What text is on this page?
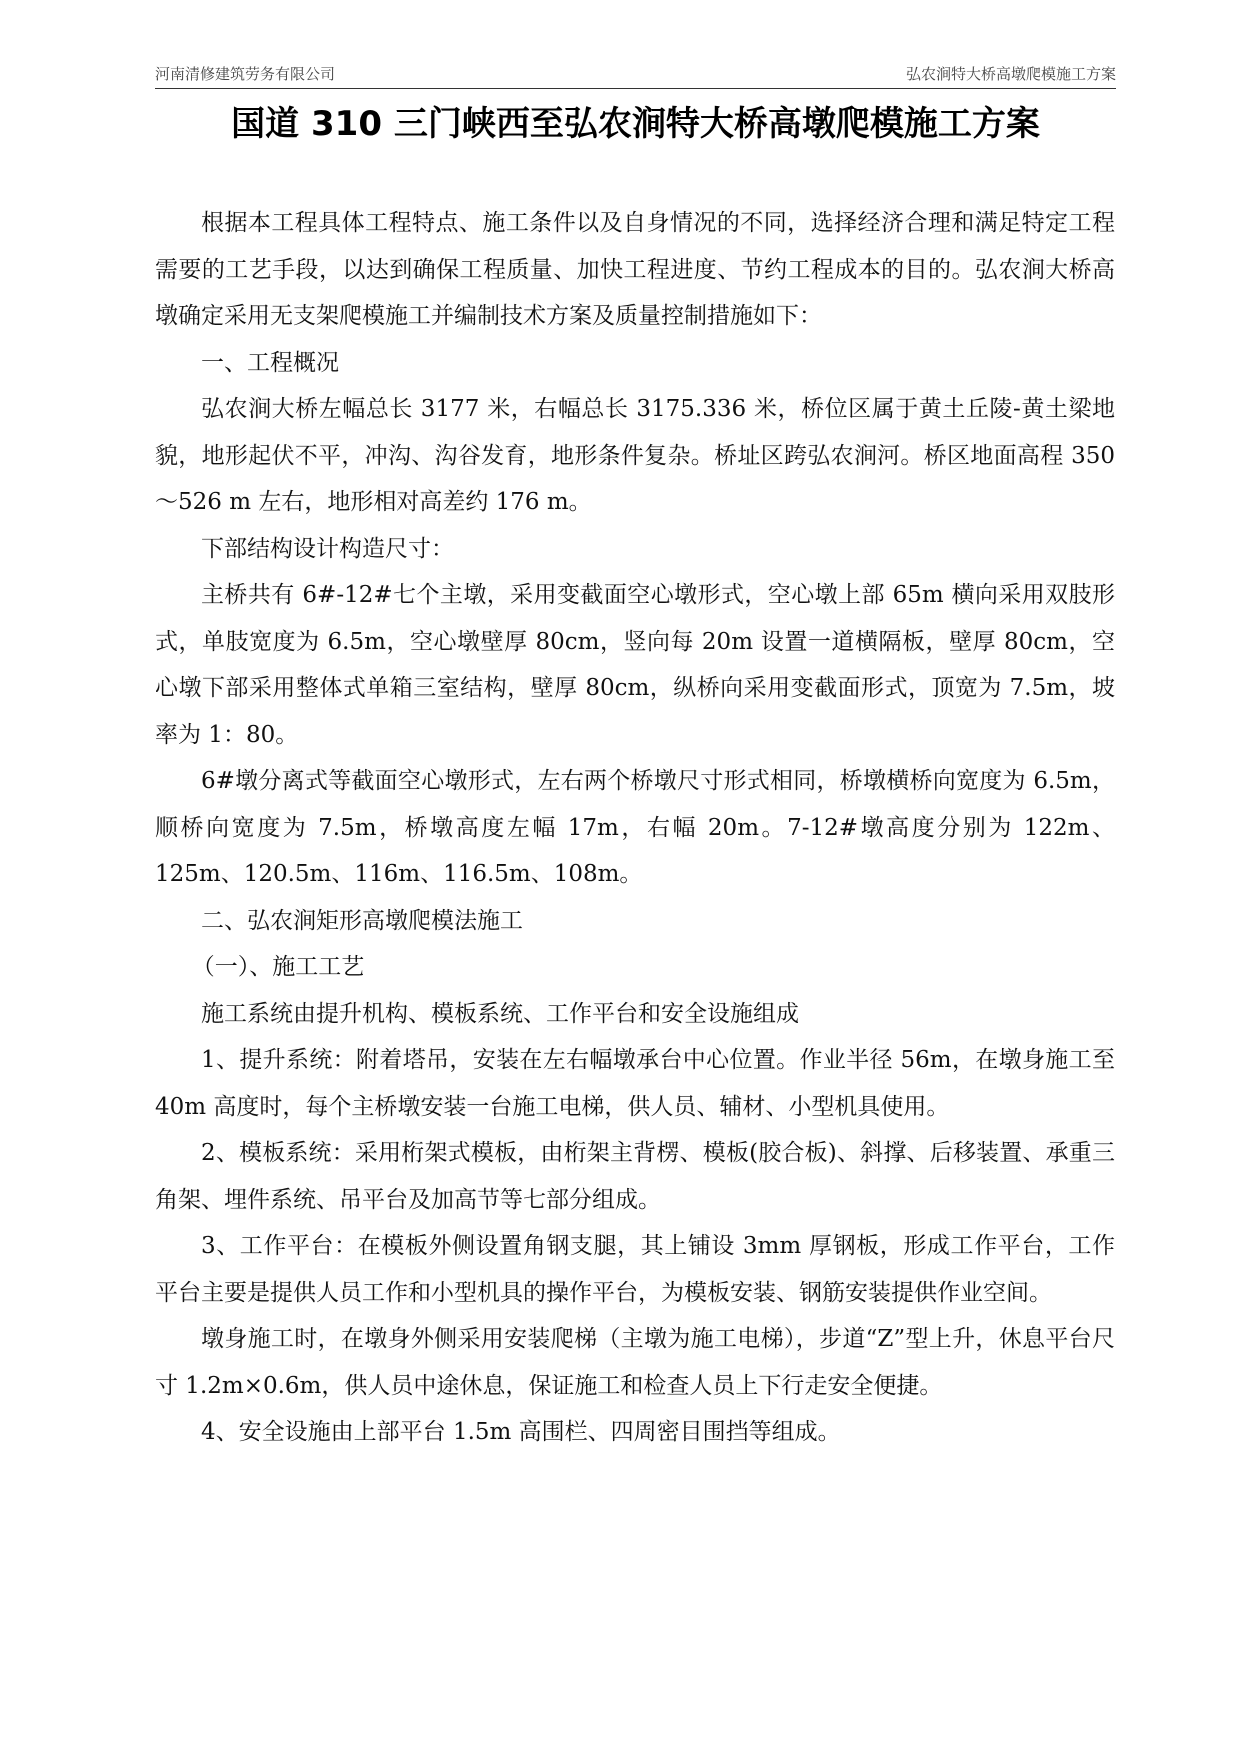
河南清修建筑劳务有限公司	弘农涧特大桥高墩爬模施工方案
国道 310 三门峡西至弘农涧特大桥高墩爬模施工方案

根据本工程具体工程特点、施工条件以及自身情况的不同，选择经济合理和满足特定工程需要的工艺手段，以达到确保工程质量、加快工程进度、节约工程成本的目的。弘农涧大桥高墩确定采用无支架爬模施工并编制技术方案及质量控制措施如下：

一、工程概况

弘农涧大桥左幅总长 3177 米，右幅总长 3175.336 米，桥位区属于黄土丘陵-黄土梁地貌，地形起伏不平，冲沟、沟谷发育，地形条件复杂。桥址区跨弘农涧河。桥区地面高程 350～526 m 左右，地形相对高差约 176 m。

下部结构设计构造尺寸：

主桥共有 6#-12#七个主墩，采用变截面空心墩形式，空心墩上部 65m 横向采用双肢形式，单肢宽度为 6.5m，空心墩壁厚 80cm，竖向每 20m 设置一道横隔板，壁厚 80cm，空心墩下部采用整体式单箱三室结构，壁厚 80cm，纵桥向采用变截面形式，顶宽为 7.5m，坡率为 1：80。

6#墩分离式等截面空心墩形式，左右两个桥墩尺寸形式相同，桥墩横桥向宽度为 6.5m，顺桥向宽度为 7.5m，桥墩高度左幅 17m，右幅 20m。7-12#墩高度分别为 122m、125m、120.5m、116m、116.5m、108m。

二、弘农涧矩形高墩爬模法施工

（一）、施工工艺

施工系统由提升机构、模板系统、工作平台和安全设施组成

1、提升系统：附着塔吊，安装在左右幅墩承台中心位置。作业半径 56m，在墩身施工至 40m 高度时，每个主桥墩安装一台施工电梯，供人员、辅材、小型机具使用。

2、模板系统：采用桁架式模板，由桁架主背楞、模板(胶合板)、斜撑、后移装置、承重三角架、埋件系统、吊平台及加高节等七部分组成。

3、工作平台：在模板外侧设置角钢支腿，其上铺设 3mm 厚钢板，形成工作平台，工作平台主要是提供人员工作和小型机具的操作平台，为模板安装、钢筋安装提供作业空间。

墩身施工时，在墩身外侧采用安装爬梯（主墩为施工电梯），步道“Z”型上升，休息平台尺寸 1.2m×0.6m，供人员中途休息，保证施工和检查人员上下行走安全便捷。

4、安全设施由上部平台 1.5m 高围栏、四周密目围挡等组成。
